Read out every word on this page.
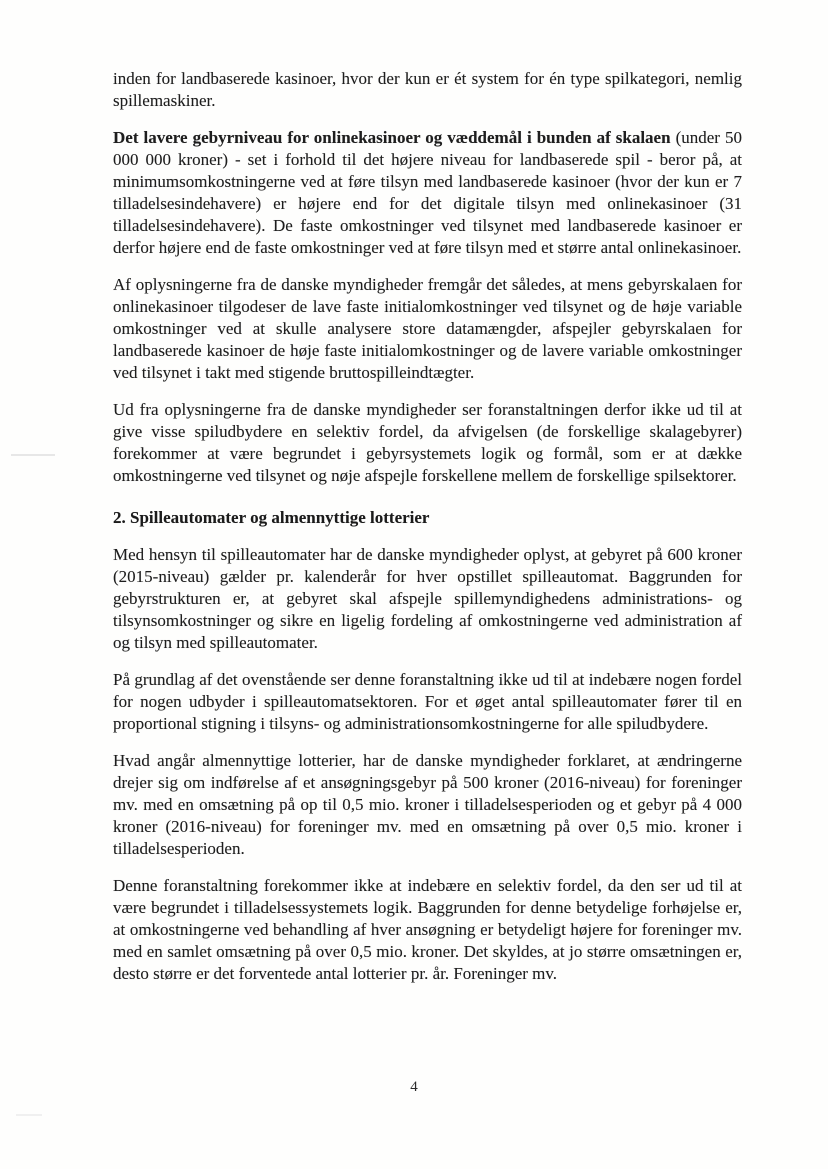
inden for landbaserede kasinoer, hvor der kun er ét system for én type spilkategori, nemlig spillemaskiner.

Det lavere gebyrniveau for onlinekasinoer og væddemål i bunden af skalaen (under 50 000 000 kroner) - set i forhold til det højere niveau for landbaserede spil - beror på, at minimumsomkostningerne ved at føre tilsyn med landbaserede kasinoer (hvor der kun er 7 tilladelsesindehavere) er højere end for det digitale tilsyn med onlinekasinoer (31 tilladelsesindehavere). De faste omkostninger ved tilsynet med landbaserede kasinoer er derfor højere end de faste omkostninger ved at føre tilsyn med et større antal onlinekasinoer.

Af oplysningerne fra de danske myndigheder fremgår det således, at mens gebyrskalaen for onlinekasinoer tilgodeser de lave faste initialomkostninger ved tilsynet og de høje variable omkostninger ved at skulle analysere store datamængder, afspejler gebyrskalaen for landbaserede kasinoer de høje faste initialomkostninger og de lavere variable omkostninger ved tilsynet i takt med stigende bruttospilleindtægter.

Ud fra oplysningerne fra de danske myndigheder ser foranstaltningen derfor ikke ud til at give visse spiludbydere en selektiv fordel, da afvigelsen (de forskellige skalagebyrer) forekommer at være begrundet i gebyrsystemets logik og formål, som er at dække omkostningerne ved tilsynet og nøje afspejle forskellene mellem de forskellige spilsektorer.

2. Spilleautomater og almennyttige lotterier

Med hensyn til spilleautomater har de danske myndigheder oplyst, at gebyret på 600 kroner (2015-niveau) gælder pr. kalenderår for hver opstillet spilleautomat. Baggrunden for gebyrstrukturen er, at gebyret skal afspejle spillemyndighedens administrations- og tilsynsomkostninger og sikre en ligelig fordeling af omkostningerne ved administration af og tilsyn med spilleautomater.

På grundlag af det ovenstående ser denne foranstaltning ikke ud til at indebære nogen fordel for nogen udbyder i spilleautomatsektoren. For et øget antal spilleautomater fører til en proportional stigning i tilsyns- og administrationsomkostningerne for alle spiludbydere.

Hvad angår almennyttige lotterier, har de danske myndigheder forklaret, at ændringerne drejer sig om indførelse af et ansøgningsgebyr på 500 kroner (2016-niveau) for foreninger mv. med en omsætning på op til 0,5 mio. kroner i tilladelsesperioden og et gebyr på 4 000 kroner (2016-niveau) for foreninger mv. med en omsætning på over 0,5 mio. kroner i tilladelsesperioden.

Denne foranstaltning forekommer ikke at indebære en selektiv fordel, da den ser ud til at være begrundet i tilladelsessystemets logik. Baggrunden for denne betydelige forhøjelse er, at omkostningerne ved behandling af hver ansøgning er betydeligt højere for foreninger mv. med en samlet omsætning på over 0,5 mio. kroner. Det skyldes, at jo større omsætningen er, desto større er det forventede antal lotterier pr. år. Foreninger mv.

4
